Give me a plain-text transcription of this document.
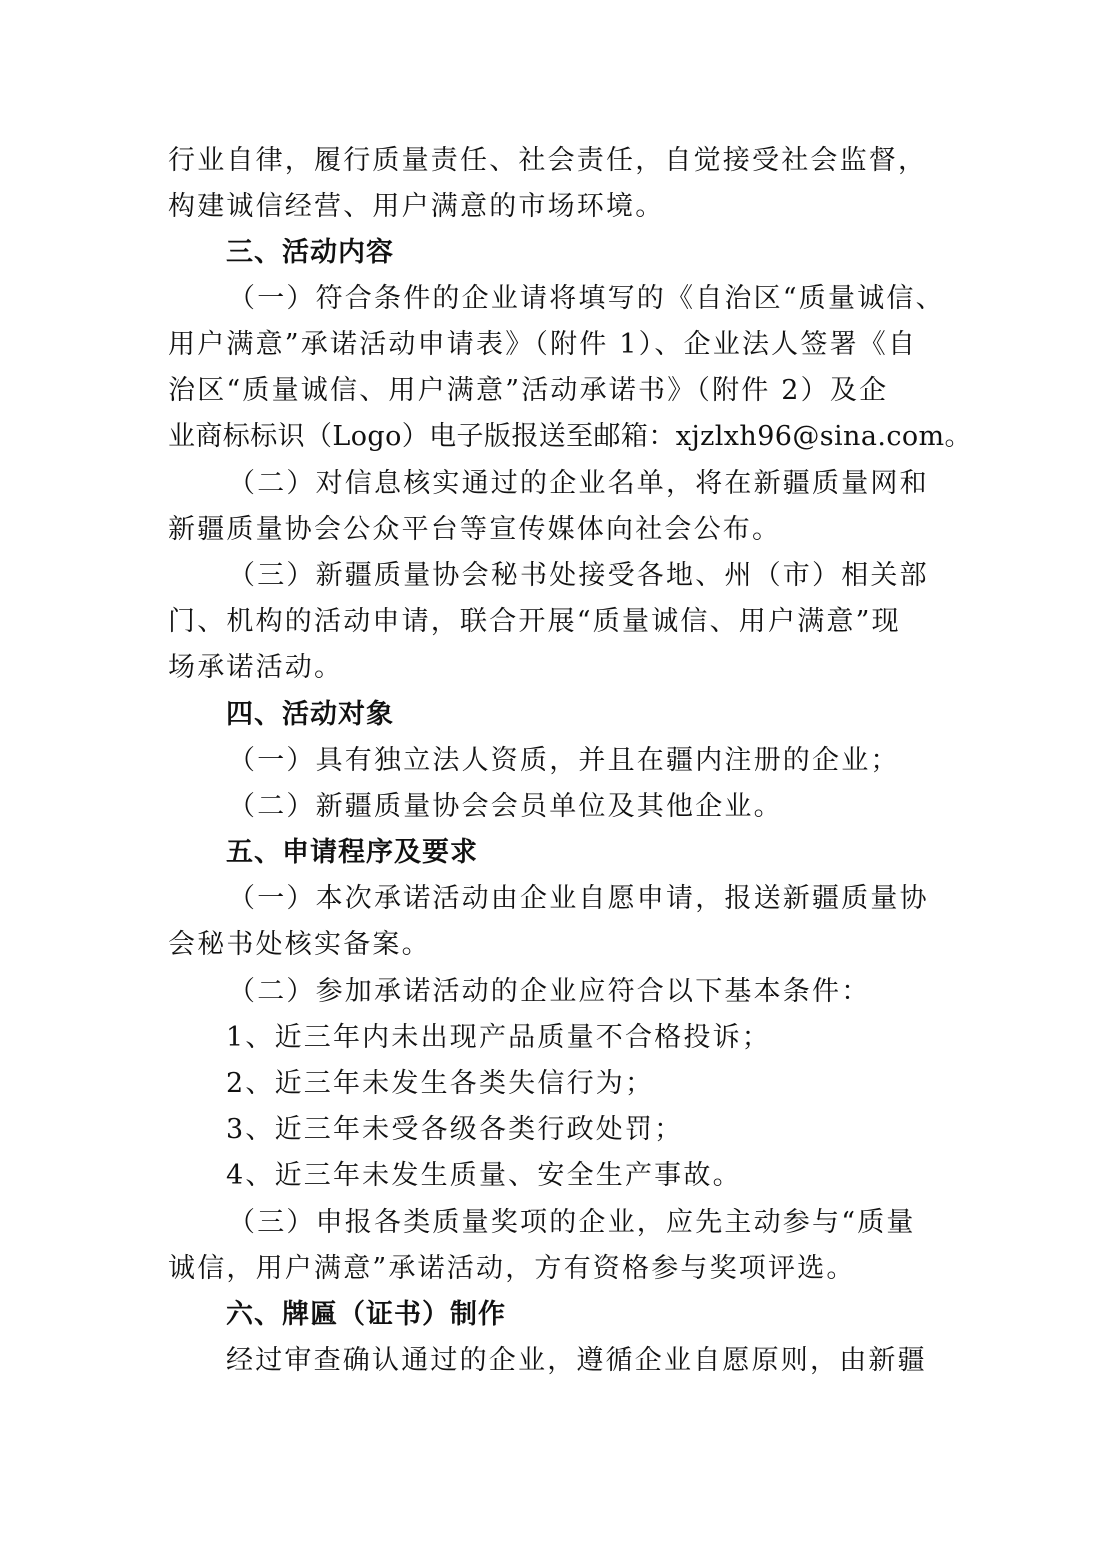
行业自律，履行质量责任、社会责任，自觉接受社会监督，
构建诚信经营、用户满意的市场环境。
三、活动内容
（一）符合条件的企业请将填写的《自治区“质量诚信、
用户满意”承诺活动申请表》（附件 1）、企业法人签署《自
治区“质量诚信、用户满意”活动承诺书》（附件 2）及企
业商标标识（Logo）电子版报送至邮箱：xjzlxh96@sina.com。
（二）对信息核实通过的企业名单，将在新疆质量网和
新疆质量协会公众平台等宣传媒体向社会公布。
（三）新疆质量协会秘书处接受各地、州（市）相关部
门、机构的活动申请，联合开展“质量诚信、用户满意”现
场承诺活动。
四、活动对象
（一）具有独立法人资质，并且在疆内注册的企业；
（二）新疆质量协会会员单位及其他企业。
五、申请程序及要求
（一）本次承诺活动由企业自愿申请，报送新疆质量协
会秘书处核实备案。
（二）参加承诺活动的企业应符合以下基本条件：
1、近三年内未出现产品质量不合格投诉；
2、近三年未发生各类失信行为；
3、近三年未受各级各类行政处罚；
4、近三年未发生质量、安全生产事故。
（三）申报各类质量奖项的企业，应先主动参与“质量
诚信，用户满意”承诺活动，方有资格参与奖项评选。
六、牌匾（证书）制作
经过审查确认通过的企业，遵循企业自愿原则，由新疆
